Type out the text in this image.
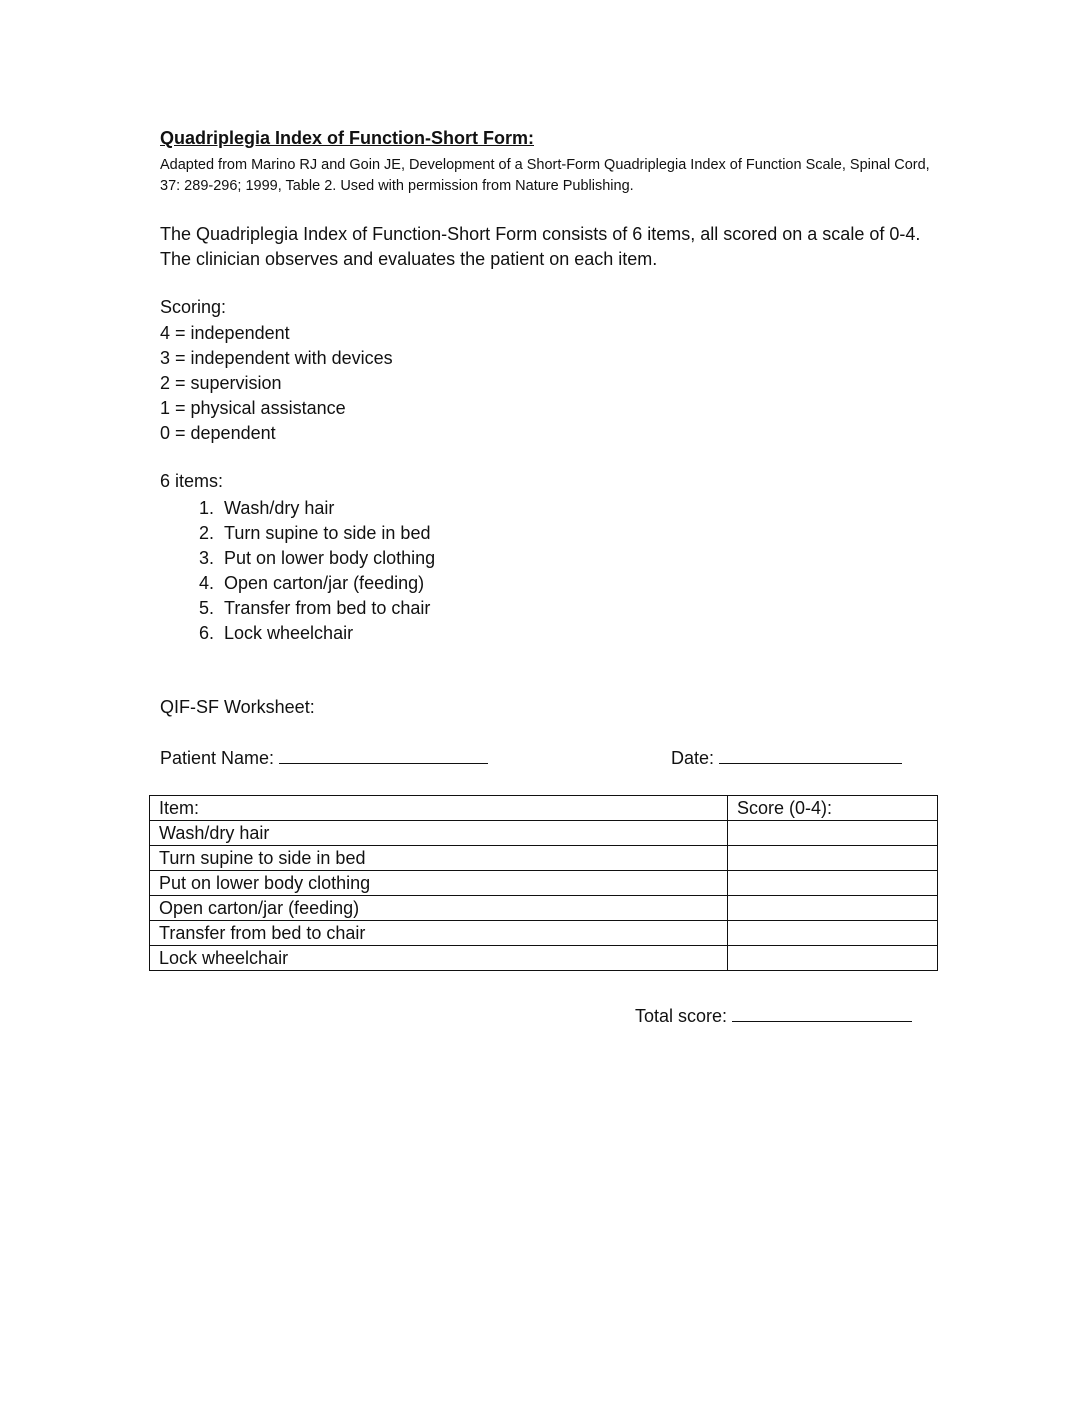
Quadriplegia Index of Function-Short Form:

Adapted from Marino RJ and Goin JE, Development of a Short-Form Quadriplegia Index of Function Scale, Spinal Cord, 37: 289-296; 1999, Table 2. Used with permission from Nature Publishing.

The Quadriplegia Index of Function-Short Form consists of 6 items, all scored on a scale of 0-4. The clinician observes and evaluates the patient on each item.

Scoring:

4 = independent
3 = independent with devices
2 = supervision
1 = physical assistance
0 = dependent

6 items:

1. Wash/dry hair
2. Turn supine to side in bed
3. Put on lower body clothing
4. Open carton/jar (feeding)
5. Transfer from bed to chair
6. Lock wheelchair

QIF-SF Worksheet:

Patient Name:	Date:

Item:	Score (0-4):
Wash/dry hair	
Turn supine to side in bed	
Put on lower body clothing	
Open carton/jar (feeding)	
Transfer from bed to chair	
Lock wheelchair	

Total score:
